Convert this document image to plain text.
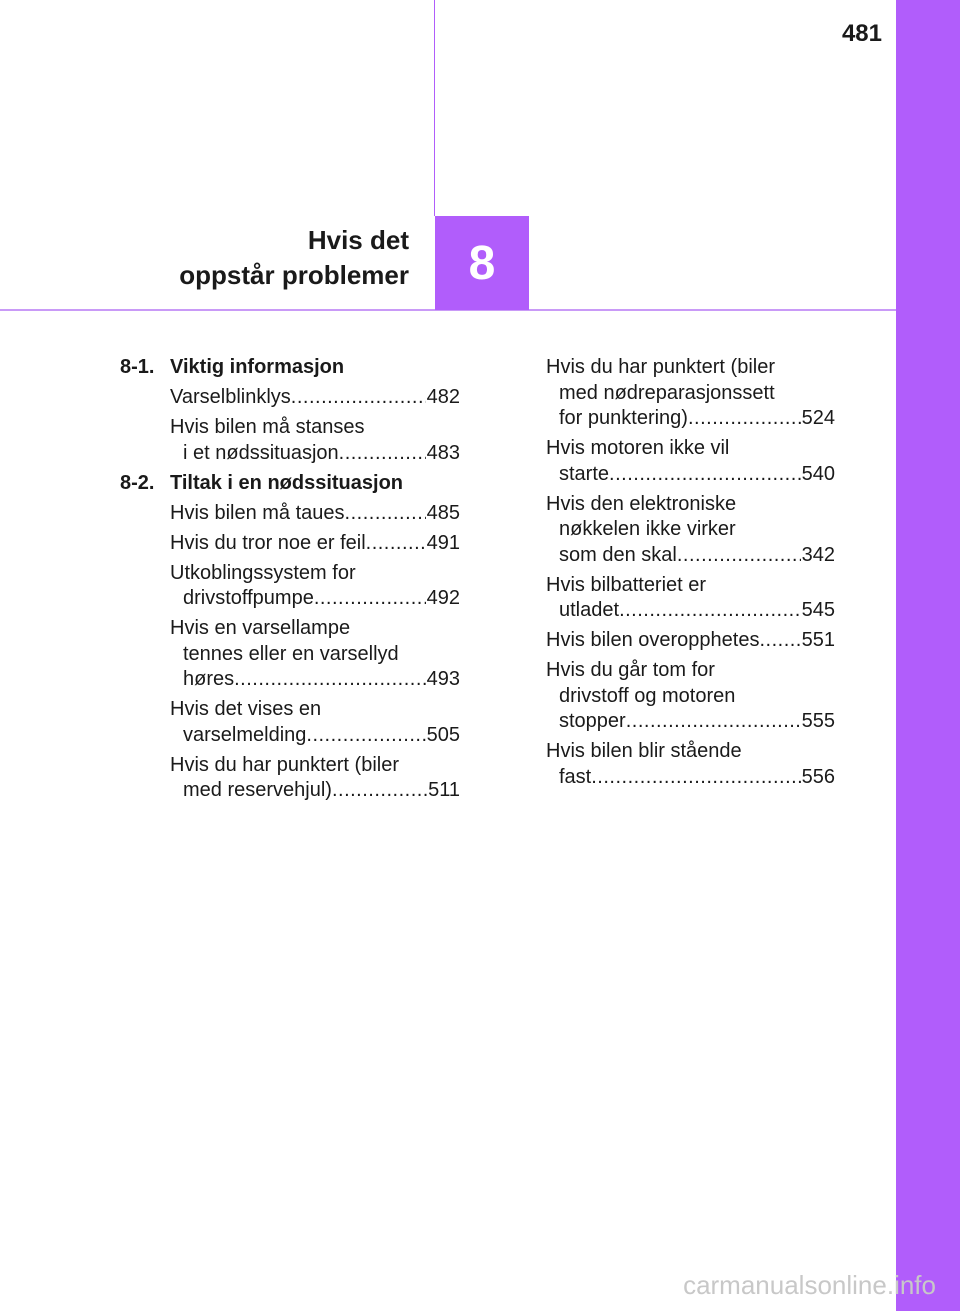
481
Hvis det
oppstår problemer	8
8-1. Viktig informasjon
Varselblinklys .....	482
Hvis bilen må stanses
i et nødssituasjon .....	483
8-2. Tiltak i en nødssituasjon
Hvis bilen må taues .....	485
Hvis du tror noe er feil .....	491
Utkoblingssystem for
drivstoffpumpe .....	492
Hvis en varsellampe
tennes eller en varsellyd
høres .....	493
Hvis det vises en
varselmelding .....	505
Hvis du har punktert (biler
med reservehjul) .....	511
Hvis du har punktert (biler
med nødreparasjonssett
for punktering) .....	524
Hvis motoren ikke vil
starte .....	540
Hvis den elektroniske
nøkkelen ikke virker
som den skal .....	342
Hvis bilbatteriet er
utladet .....	545
Hvis bilen overopphetes ..... 551
Hvis du går tom for
drivstoff og motoren
stopper .....	555
Hvis bilen blir stående
fast .....	556
carmanualsonline.info
